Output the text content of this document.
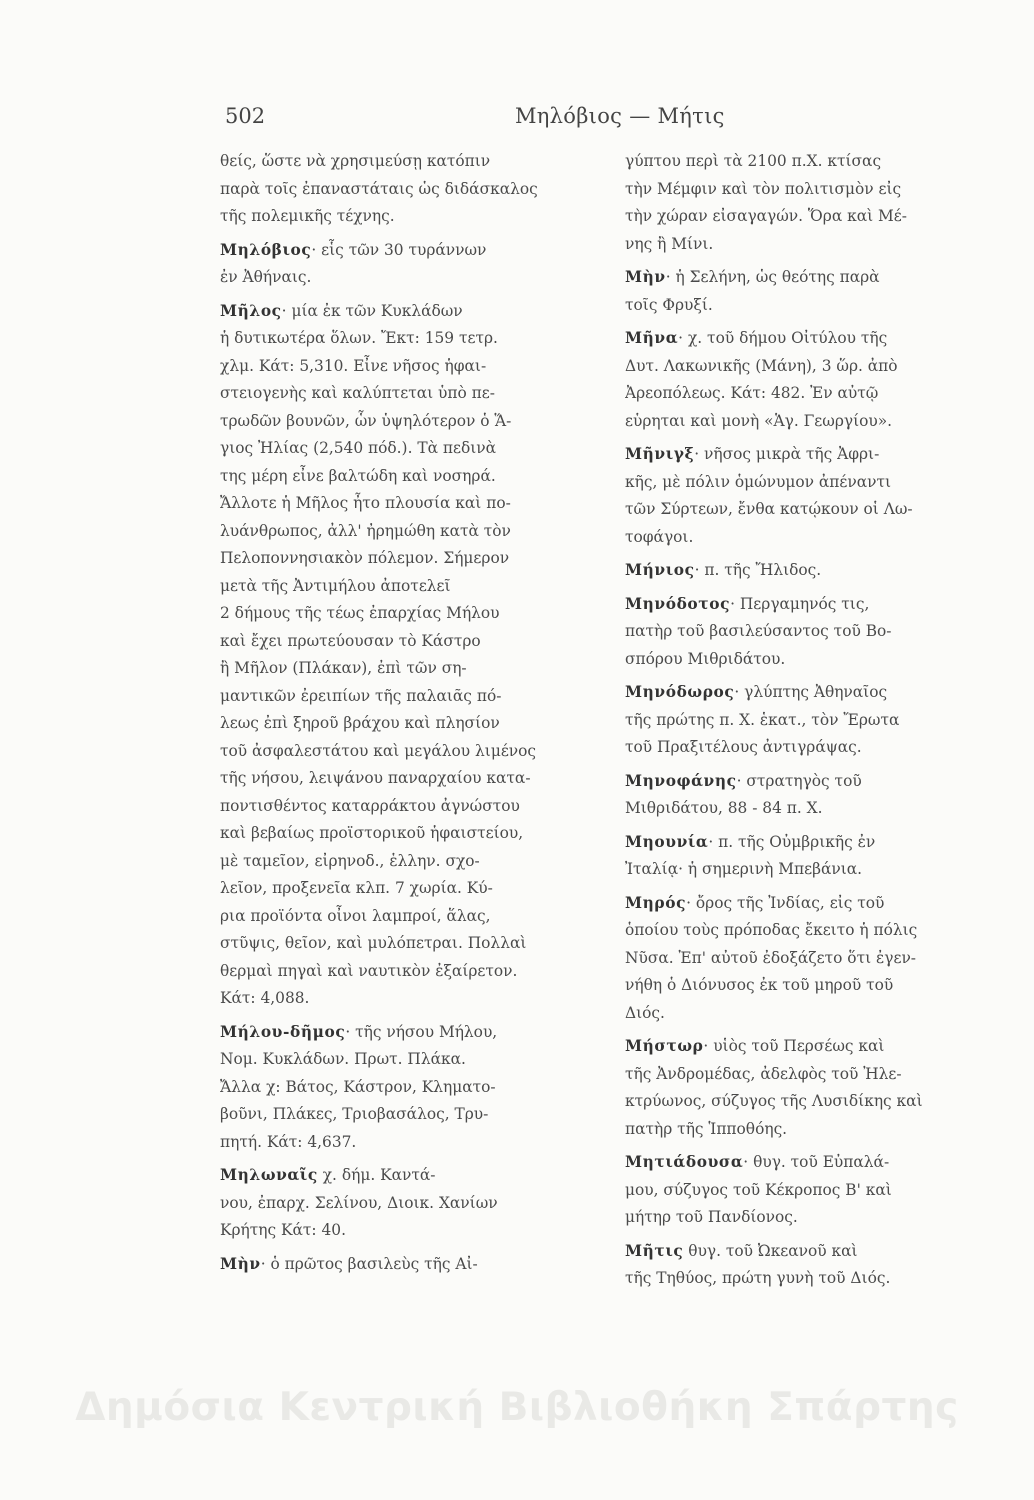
502	Μηλόβιος — Μήτις
θείς, ὥστε νὰ χρησιμεύσῃ κατόπιν
παρὰ τοῖς ἐπαναστάταις ὡς διδάσκαλος
τῆς πολεμικῆς τέχνης.
Μηλόβιος· εἷς τῶν 30 τυράννων
ἐν Ἀθήναις.
Μῆλος· μία ἐκ τῶν Κυκλάδων
ἡ δυτικωτέρα ὅλων. Ἔκτ: 159 τετρ.
χλμ. Κάτ: 5,310. Εἶνε νῆσος ἡφαι-
στειογενὴς καὶ καλύπτεται ὑπὸ πε-
τρωδῶν βουνῶν, ὧν ὑψηλότερον ὁ Ἅ-
γιος Ἠλίας (2,540 πόδ.). Τὰ πεδινὰ
της μέρη εἶνε βαλτώδη καὶ νοσηρά.
Ἄλλοτε ἡ Μῆλος ἦτο πλουσία καὶ πο-
λυάνθρωπος, ἀλλ' ἠρημώθη κατὰ τὸν
Πελοποννησιακὸν πόλεμον. Σήμερον
μετὰ τῆς Ἀντιμήλου ἀποτελεῖ
2 δήμους τῆς τέως ἐπαρχίας Μήλου
καὶ ἔχει πρωτεύουσαν τὸ Κάστρο
ἢ Μῆλον (Πλάκαν), ἐπὶ τῶν ση-
μαντικῶν ἐρειπίων τῆς παλαιᾶς πό-
λεως ἐπὶ ξηροῦ βράχου καὶ πλησίον
τοῦ ἀσφαλεστάτου καὶ μεγάλου λιμένος
τῆς νήσου, λειψάνου παναρχαίου κατα-
ποντισθέντος καταρράκτου ἀγνώστου
καὶ βεβαίως προϊστορικοῦ ἡφαιστείου,
μὲ ταμεῖον, εἰρηνοδ., ἑλλην. σχο-
λεῖον, προξενεῖα κλπ. 7 χωρία. Κύ-
ρια προϊόντα οἶνοι λαμπροί, ἅλας,
στῦψις, θεῖον, καὶ μυλόπετραι. Πολλαὶ
θερμαὶ πηγαὶ καὶ ναυτικὸν ἐξαίρετον.
Κάτ: 4,088.
Μήλου-δῆμος· τῆς νήσου Μήλου,
Νομ. Κυκλάδων. Πρωτ. Πλάκα.
Ἄλλα χ: Βάτος, Κάστρον, Κληματο-
βοῦνι, Πλάκες, Τριοβασάλος, Τρυ-
πητή. Κάτ: 4,637.
Μηλωναῖς χ. δήμ. Καντά-
νου, ἐπαρχ. Σελίνου, Διοικ. Χανίων
Κρήτης Κάτ: 40.
Μὴν· ὁ πρῶτος βασιλεὺς τῆς Αἰ-
γύπτου περὶ τὰ 2100 π.Χ. κτίσας
τὴν Μέμφιν καὶ τὸν πολιτισμὸν εἰς
τὴν χώραν εἰσαγαγών. Ὅρα καὶ Μέ-
νης ἢ Μίνι.
Μὴν· ἡ Σελήνη, ὡς θεότης παρὰ
τοῖς Φρυξί.
Μῆνα· χ. τοῦ δήμου Οἰτύλου τῆς
Δυτ. Λακωνικῆς (Μάνη), 3 ὥρ. ἀπὸ
Ἀρεοπόλεως. Κάτ: 482. Ἐν αὐτῷ
εὑρηται καὶ μονὴ «Ἁγ. Γεωργίου».
Μῆνιγξ· νῆσος μικρὰ τῆς Ἀφρι-
κῆς, μὲ πόλιν ὁμώνυμον ἀπέναντι
τῶν Σύρτεων, ἔνθα κατῴκουν οἱ Λω-
τοφάγοι.
Μήνιος· π. τῆς Ἤλιδος.
Μηνόδοτος· Περγαμηνός τις,
πατὴρ τοῦ βασιλεύσαντος τοῦ Βο-
σπόρου Μιθριδάτου.
Μηνόδωρος· γλύπτης Ἀθηναῖος
τῆς πρώτης π. Χ. ἑκατ., τὸν Ἔρωτα
τοῦ Πραξιτέλους ἀντιγράψας.
Μηνοφάνης· στρατηγὸς τοῦ
Μιθριδάτου, 88 - 84 π. Χ.
Μηουνία· π. τῆς Οὐμβρικῆς ἐν
Ἰταλίᾳ· ἡ σημερινὴ Μπεβάνια.
Μηρός· ὄρος τῆς Ἰνδίας, εἰς τοῦ
ὁποίου τοὺς πρόποδας ἔκειτο ἡ πόλις
Νῦσα. Ἐπ' αὐτοῦ ἐδοξάζετο ὅτι ἐγεν-
νήθη ὁ Διόνυσος ἐκ τοῦ μηροῦ τοῦ
Διός.
Μήστωρ· υἱὸς τοῦ Περσέως καὶ
τῆς Ἀνδρομέδας, ἀδελφὸς τοῦ Ἠλε-
κτρύωνος, σύζυγος τῆς Λυσιδίκης καὶ
πατὴρ τῆς Ἱπποθόης.
Μητιάδουσα· θυγ. τοῦ Εὐπαλά-
μου, σύζυγος τοῦ Κέκροπος Β' καὶ
μήτηρ τοῦ Πανδίονος.
Μῆτις θυγ. τοῦ Ὠκεανοῦ καὶ
τῆς Τηθύος, πρώτη γυνὴ τοῦ Διός.
Δημόσια Κεντρική Βιβλιοθήκη Σπάρτης
